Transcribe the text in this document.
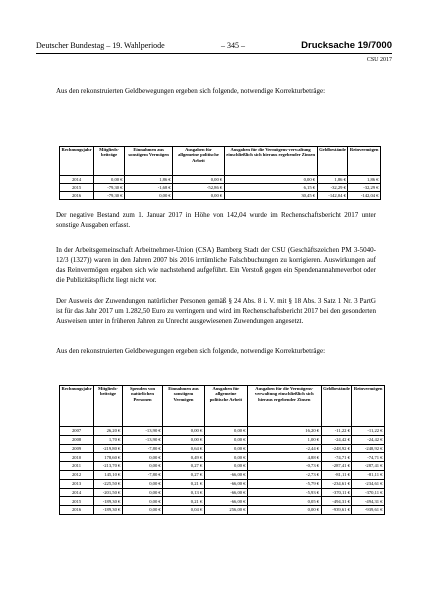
Deutscher Bundestag – 19. Wahlperiode	– 345 –	Drucksache 19/7000
CSU 2017
Aus den rekonstruierten Geldbewegungen ergeben sich folgende, notwendige Korrekturbeträge:
Rechnungsjahr	Mitglieds-beiträge	Einnahmen aus sonstigem Vermögen	Ausgaben für allgemeine politische Arbeit	Ausgaben für die Vermögens-verwaltung einschließlich sich hieraus ergebender Zinsen	Geldbestände	Reinvermögen
2014	0,00 €	1,86 €	0,00 €	0,00 €	1,86 €	1,86 €
2015	-79,30 €	-1,68 €	-52,86 €	6,15 €	-32,29 €	-32,29 €
2016	-79,30 €	0,00 €	0,00 €	30,45 €	-142,04 €	-142,04 €
Der negative Bestand zum 1. Januar 2017 in Höhe von 142,04 wurde im Rechenschaftsbericht 2017 unter sonstige Ausgaben erfasst.
In der Arbeitsgemeinschaft Arbeitnehmer-Union (CSA) Bamberg Stadt der CSU (Geschäftszeichen PM 3-5040-12/3 (1327)) waren in den Jahren 2007 bis 2016 irrtümliche Falschbuchungen zu korrigieren. Auswirkungen auf das Reinvermögen ergaben sich wie nachstehend aufgeführt. Ein Verstoß gegen ein Spendenannahmeverbot oder die Publizitätspflicht liegt nicht vor.
Der Ausweis der Zuwendungen natürlicher Personen gemäß § 24 Abs. 8 i. V. mit § 18 Abs. 3 Satz 1 Nr. 3 PartG ist für das Jahr 2017 um 1.282,50 Euro zu verringern und wird im Rechenschaftsbericht 2017 bei den gesonderten Ausweisen unter in früheren Jahren zu Unrecht ausgewiesenen Zuwendungen angesetzt.
Aus den rekonstruierten Geldbewegungen ergeben sich folgende, notwendige Korrekturbeträge:
Rechnungsjahr	Mitglieds-beiträge	Spenden von natürlichen Personen	Einnahmen aus sonstigem Vermögen	Ausgaben für allgemeine politische Arbeit	Ausgaben für die Vermögens-verwaltung einschließlich sich hieraus ergebender Zinsen	Geldbestände	Reinvermögen
2007	26,20 €	-13,90 €	0,00 €	0,00 €	16,20 €	-11,22 €	-11,22 €
2008	1,70 €	-13,90 €	0,00 €	0,00 €	1,00 €	-24,42 €	-24,42 €
2009	-219,80 €	-7,80 €	0,64 €	0,00 €	-2,44 €	-248,92 €	-248,92 €
2010	178,60 €	0,00 €	0,49 €	0,00 €	4,88 €	-74,71 €	-74,71 €
2011	-213,70 €	0,00 €	0,27 €	0,00 €	-0,73 €	-287,41 €	-287,41 €
2012	145,10 €	-7,80 €	0,27 €	-66,00 €	-2,73 €	-81,11 €	-81,11 €
2013	-225,50 €	0,00 €	0,21 €	-66,00 €	-5,79 €	-234,61 €	-234,61 €
2014	-201,50 €	0,00 €	0,13 €	-66,00 €	-5,93 €	-370,11 €	-370,11 €
2015	-189,30 €	0,00 €	0,21 €	-66,00 €	0,05 €	-494,31 €	-494,31 €
2016	-189,30 €	0,00 €	0,04 €	256,00 €	0,00 €	-939,61 €	-939,61 €
